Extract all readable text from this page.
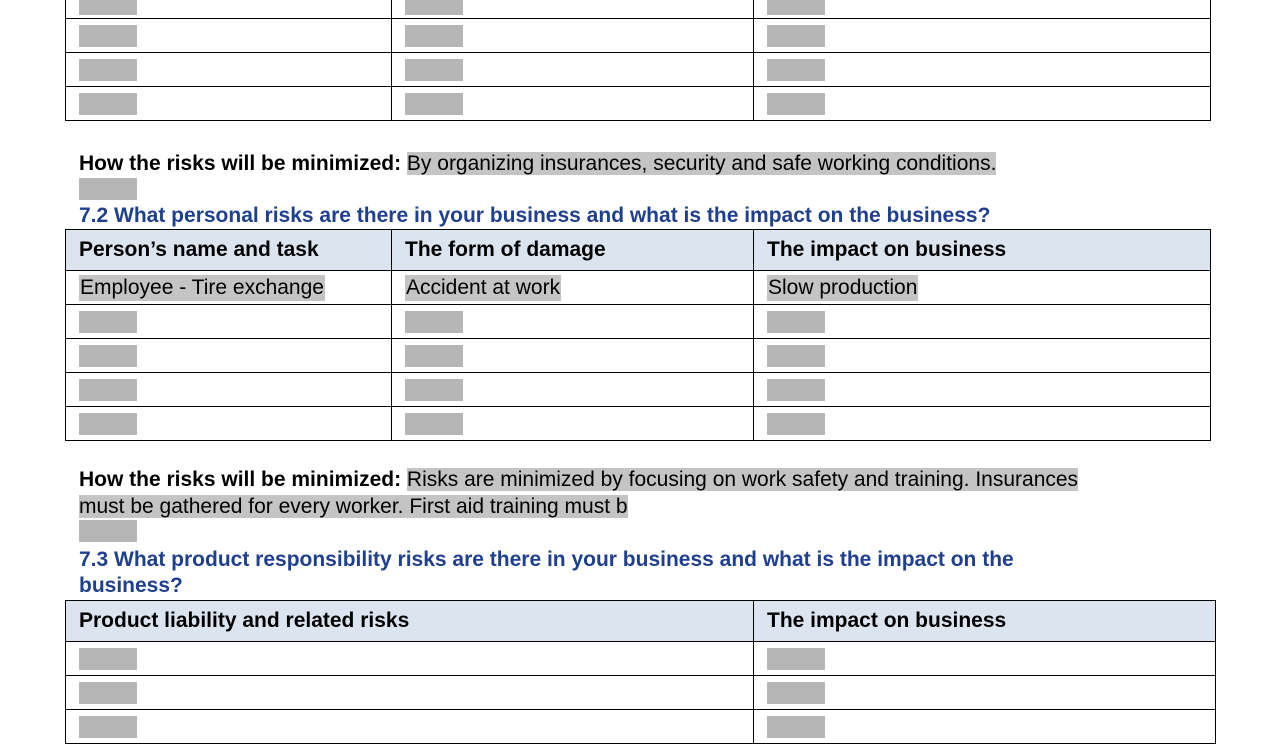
How the risks will be minimized: By organizing insurances, security and safe working conditions.
7.2 What personal risks are there in your business and what is the impact on the business?
Person’s name and task	The form of damage	The impact on business

Employee - Tire exchange	Accident at work	Slow production

How the risks will be minimized: Risks are minimized by focusing on work safety and training. Insurances
must be gathered for every worker. First aid training must b
7.3 What product responsibility risks are there in your business and what is the impact on the
business?
Product liability and related risks	The impact on business
